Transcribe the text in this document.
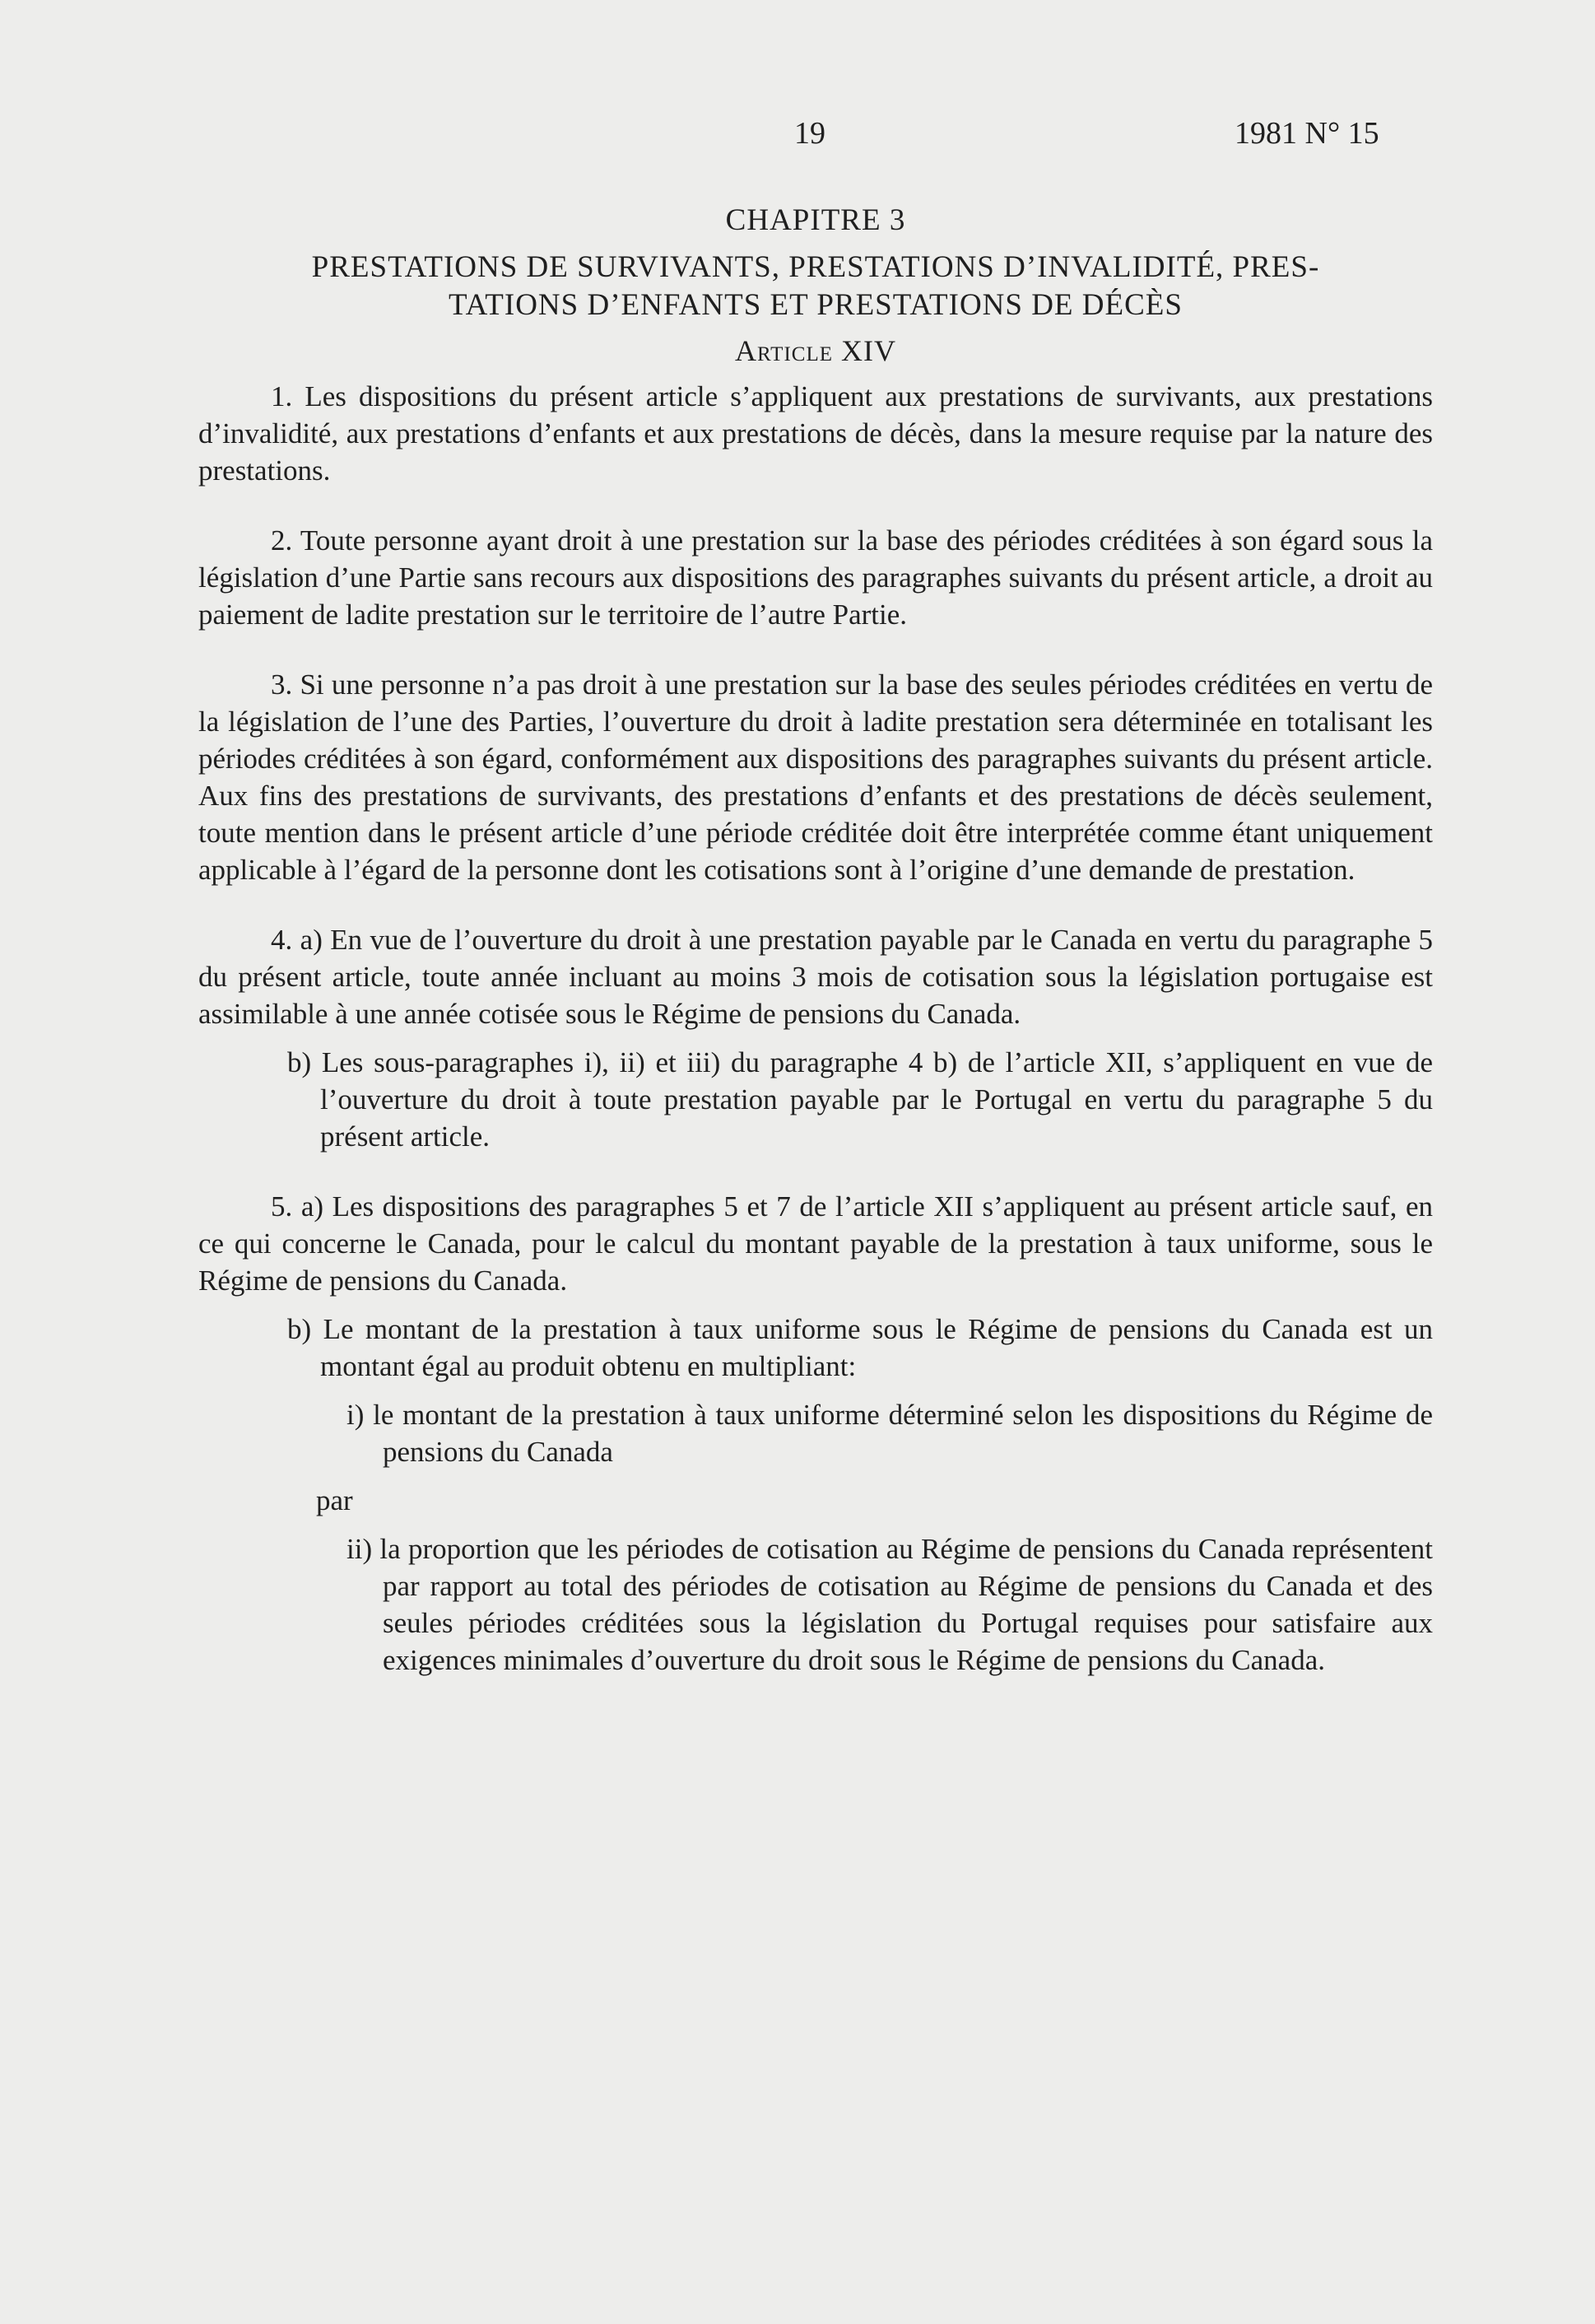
19	1981 N° 15
CHAPITRE 3
PRESTATIONS DE SURVIVANTS, PRESTATIONS D’INVALIDITÉ, PRES-
TATIONS D’ENFANTS ET PRESTATIONS DE DÉCÈS
Article XIV

1. Les dispositions du présent article s’appliquent aux prestations de survivants, aux prestations d’invalidité, aux prestations d’enfants et aux prestations de décès, dans la mesure requise par la nature des prestations.

2. Toute personne ayant droit à une prestation sur la base des périodes créditées à son égard sous la législation d’une Partie sans recours aux dispositions des paragraphes suivants du présent article, a droit au paiement de ladite prestation sur le territoire de l’autre Partie.

3. Si une personne n’a pas droit à une prestation sur la base des seules périodes créditées en vertu de la législation de l’une des Parties, l’ouverture du droit à ladite prestation sera déterminée en totalisant les périodes créditées à son égard, conformément aux dispositions des paragraphes suivants du présent article. Aux fins des prestations de survivants, des prestations d’enfants et des prestations de décès seulement, toute mention dans le présent article d’une période créditée doit être interprétée comme étant uniquement applicable à l’égard de la personne dont les cotisations sont à l’origine d’une demande de prestation.

4. a) En vue de l’ouverture du droit à une prestation payable par le Canada en vertu du paragraphe 5 du présent article, toute année incluant au moins 3 mois de cotisation sous la législation portugaise est assimilable à une année cotisée sous le Régime de pensions du Canada.

b) Les sous-paragraphes i), ii) et iii) du paragraphe 4 b) de l’article XII, s’appliquent en vue de l’ouverture du droit à toute prestation payable par le Portugal en vertu du paragraphe 5 du présent article.

5. a) Les dispositions des paragraphes 5 et 7 de l’article XII s’appliquent au présent article sauf, en ce qui concerne le Canada, pour le calcul du montant payable de la prestation à taux uniforme, sous le Régime de pensions du Canada.

b) Le montant de la prestation à taux uniforme sous le Régime de pensions du Canada est un montant égal au produit obtenu en multipliant:

i) le montant de la prestation à taux uniforme déterminé selon les dispositions du Régime de pensions du Canada

par

ii) la proportion que les périodes de cotisation au Régime de pensions du Canada représentent par rapport au total des périodes de cotisation au Régime de pensions du Canada et des seules périodes créditées sous la législation du Portugal requises pour satisfaire aux exigences minimales d’ouverture du droit sous le Régime de pensions du Canada.
